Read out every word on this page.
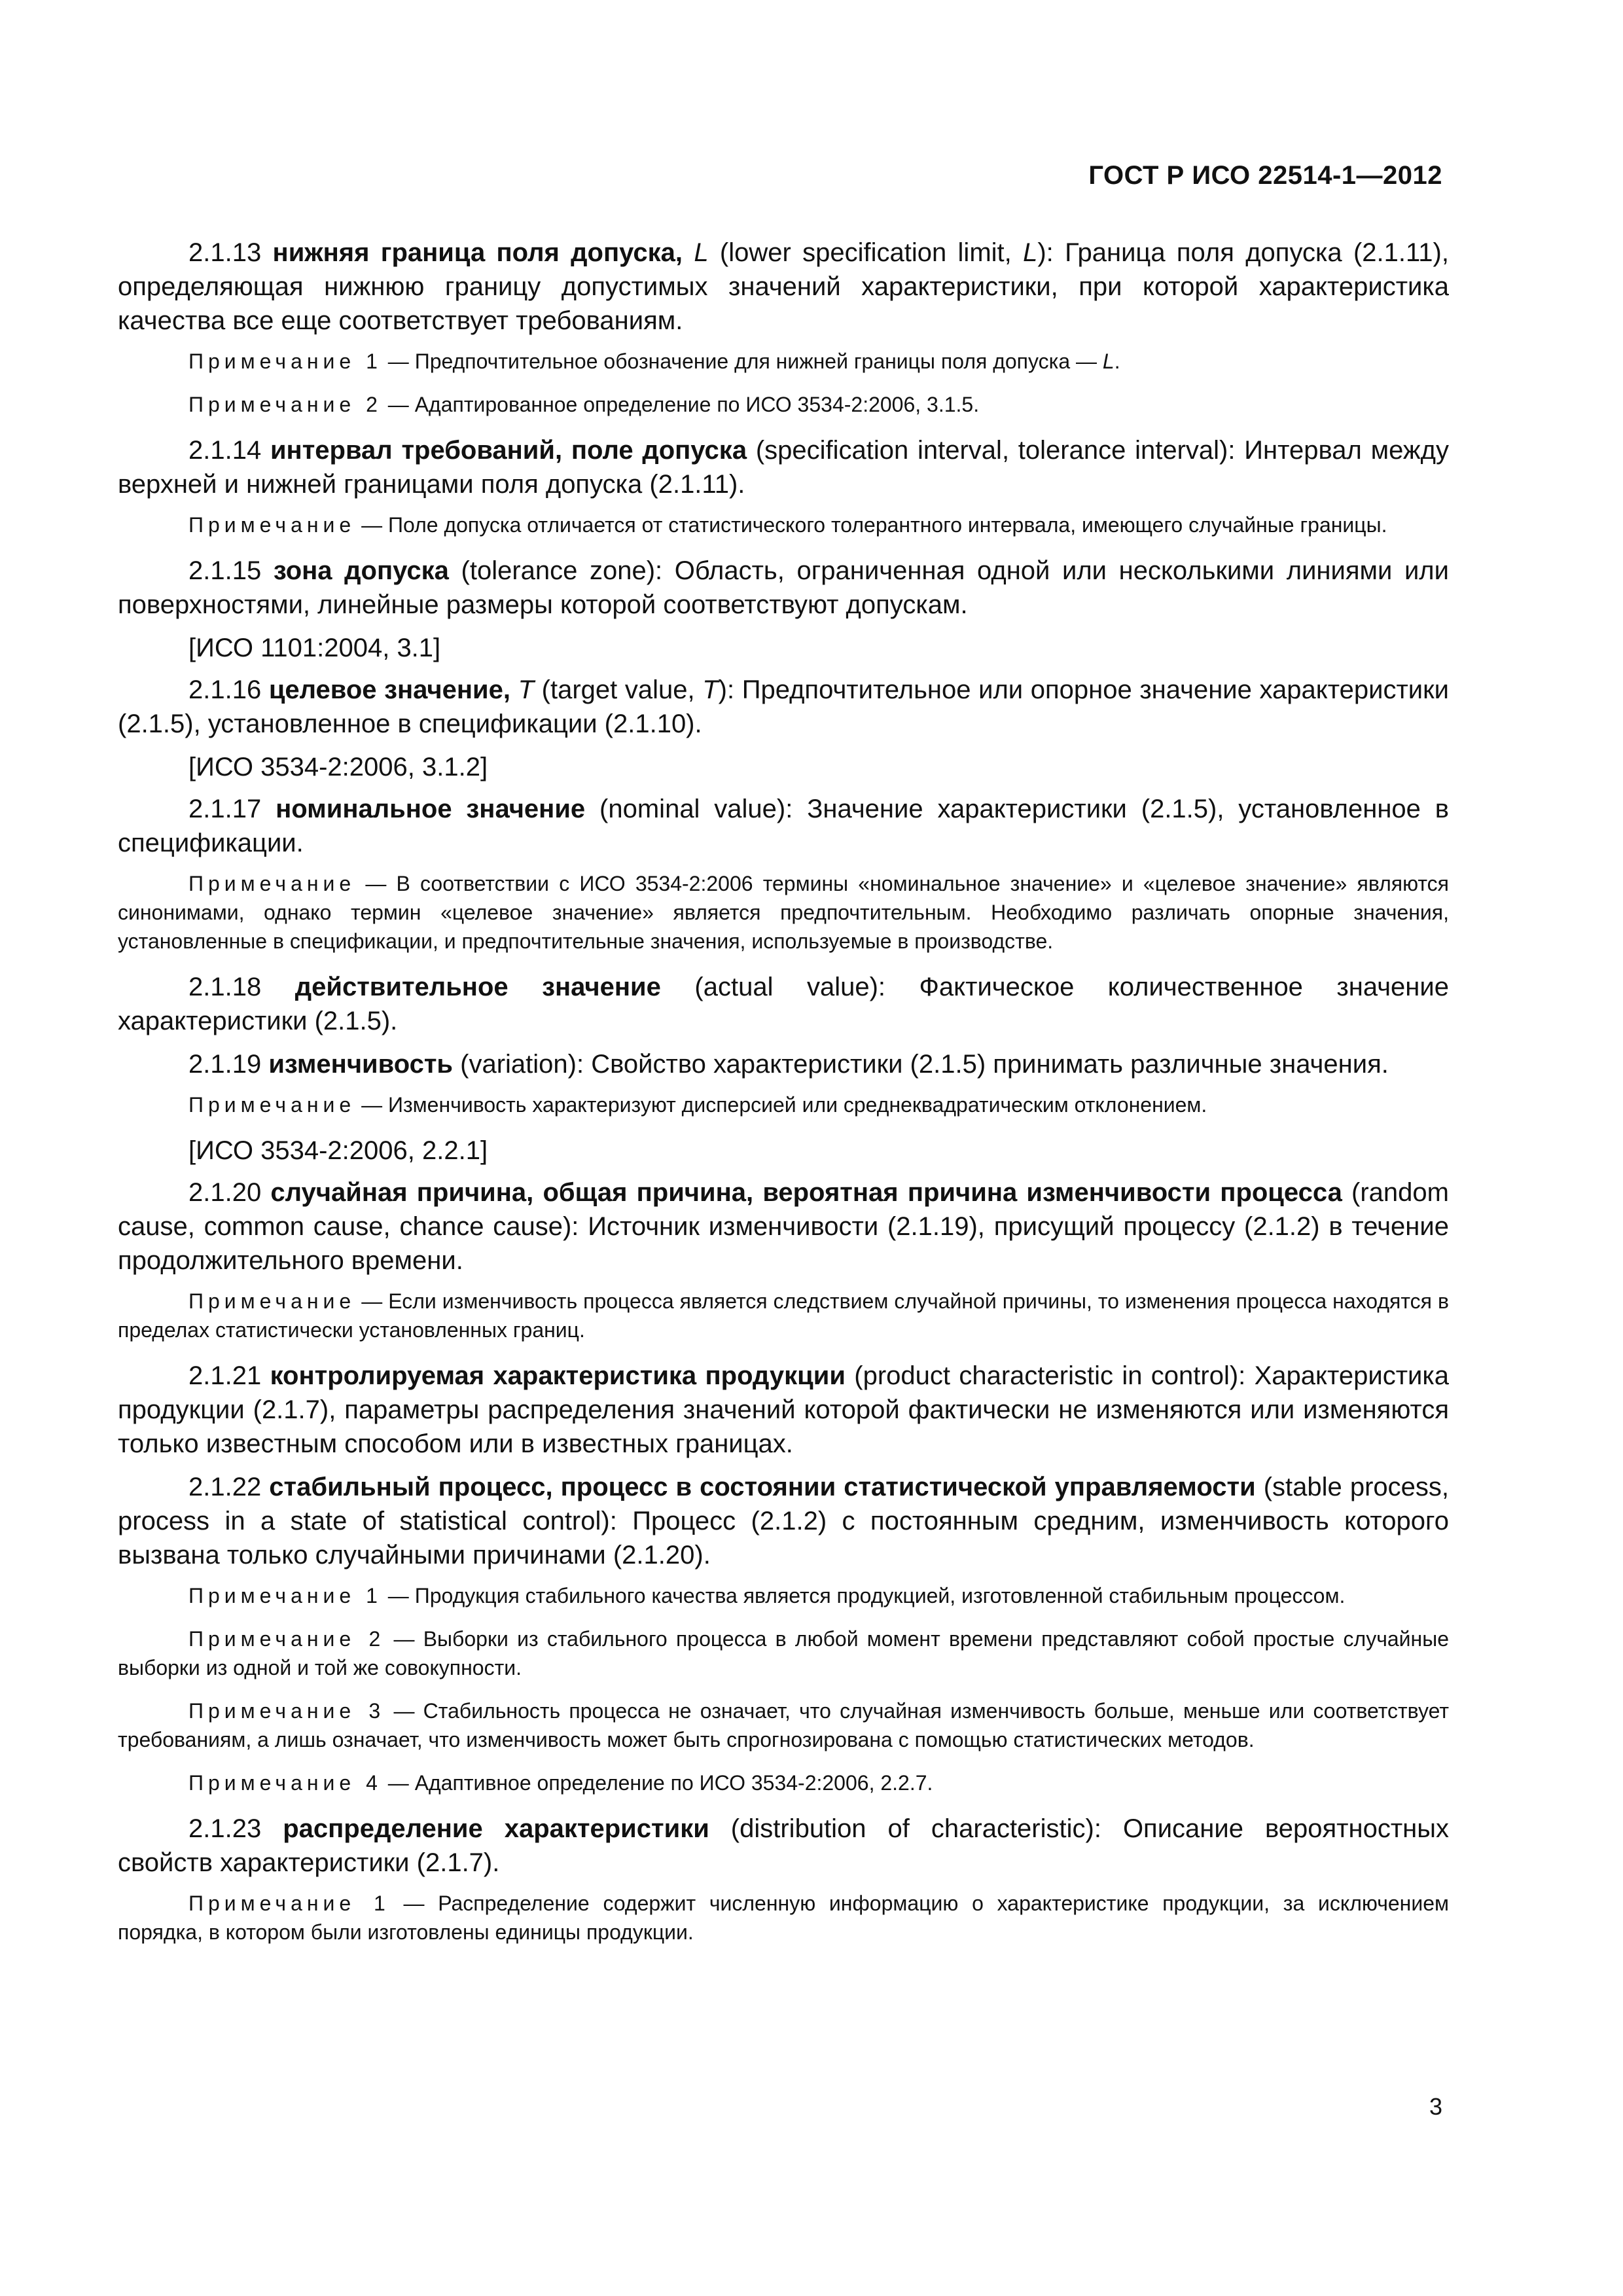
ГОСТ Р ИСО 22514-1—2012

2.1.13 нижняя граница поля допуска, L (lower specification limit, L): Граница поля допуска (2.1.11), определяющая нижнюю границу допустимых значений характеристики, при которой характеристика качества все еще соответствует требованиям.

Примечание 1 — Предпочтительное обозначение для нижней границы поля допуска — L.

Примечание 2 — Адаптированное определение по ИСО 3534-2:2006, 3.1.5.

2.1.14 интервал требований, поле допуска (specification interval, tolerance interval): Интервал между верхней и нижней границами поля допуска (2.1.11).

Примечание — Поле допуска отличается от статистического толерантного интервала, имеющего случайные границы.

2.1.15 зона допуска (tolerance zone): Область, ограниченная одной или несколькими линиями или поверхностями, линейные размеры которой соответствуют допускам.

[ИСО 1101:2004, 3.1]

2.1.16 целевое значение, T (target value, T): Предпочтительное или опорное значение характеристики (2.1.5), установленное в спецификации (2.1.10).

[ИСО 3534-2:2006, 3.1.2]

2.1.17 номинальное значение (nominal value): Значение характеристики (2.1.5), установленное в спецификации.

Примечание — В соответствии с ИСО 3534-2:2006 термины «номинальное значение» и «целевое значение» являются синонимами, однако термин «целевое значение» является предпочтительным. Необходимо различать опорные значения, установленные в спецификации, и предпочтительные значения, используемые в производстве.

2.1.18 действительное значение (actual value): Фактическое количественное значение характеристики (2.1.5).

2.1.19 изменчивость (variation): Свойство характеристики (2.1.5) принимать различные значения.

Примечание — Изменчивость характеризуют дисперсией или среднеквадратическим отклонением.

[ИСО 3534-2:2006, 2.2.1]

2.1.20 случайная причина, общая причина, вероятная причина изменчивости процесса (random cause, common cause, chance cause): Источник изменчивости (2.1.19), присущий процессу (2.1.2) в течение продолжительного времени.

Примечание — Если изменчивость процесса является следствием случайной причины, то изменения процесса находятся в пределах статистически установленных границ.

2.1.21 контролируемая характеристика продукции (product characteristic in control): Характеристика продукции (2.1.7), параметры распределения значений которой фактически не изменяются или изменяются только известным способом или в известных границах.

2.1.22 стабильный процесс, процесс в состоянии статистической управляемости (stable process, process in a state of statistical control): Процесс (2.1.2) с постоянным средним, изменчивость которого вызвана только случайными причинами (2.1.20).

Примечание 1 — Продукция стабильного качества является продукцией, изготовленной стабильным процессом.

Примечание 2 — Выборки из стабильного процесса в любой момент времени представляют собой простые случайные выборки из одной и той же совокупности.

Примечание 3 — Стабильность процесса не означает, что случайная изменчивость больше, меньше или соответствует требованиям, а лишь означает, что изменчивость может быть спрогнозирована с помощью статистических методов.

Примечание 4 — Адаптивное определение по ИСО 3534-2:2006, 2.2.7.

2.1.23 распределение характеристики (distribution of characteristic): Описание вероятностных свойств характеристики (2.1.7).

Примечание 1 — Распределение содержит численную информацию о характеристике продукции, за исключением порядка, в котором были изготовлены единицы продукции.

3
